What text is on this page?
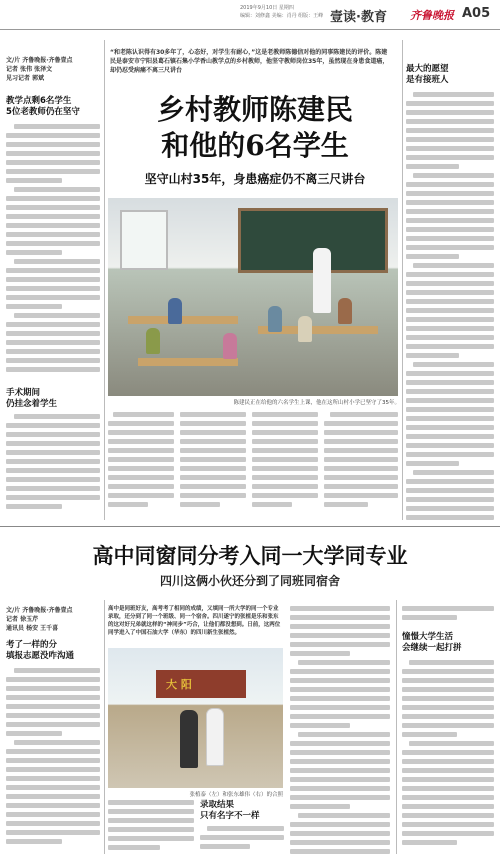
2019年9月10日 星期四
编辑：刘修鑫 美编：肖丹 组版：王峰 壹读·教育 齐鲁晚报 A05
文/片 齐鲁晚报·齐鲁壹点
记者 张伟 张泽文
见习记者 郭斌
教学点剩6名学生
5位老教师仍在坚守
手术期间
仍挂念着学生
“和老陈认识得有30多年了，心态好，对学生有耐心，”这是老教师陈德信对他的同事陈建民的评价。陈建民是泰安市宁阳县葛石镇石集小学香山教学点的乡村教师，他坚守教师岗位35年，虽然现在身患食道癌，却仍忍受病痛不离三尺讲台
乡村教师陈建民
和他的6名学生
坚守山村35年，身患癌症仍不离三尺讲台
陈建民正在给他的六名学生上课，他在这所山村小学已坚守了35年。
最大的愿望
是有接班人
高中同窗同分考入同一大学同专业
四川这俩小伙还分到了同班同宿舍
文/片 齐鲁晚报·齐鲁壹点
记者 徐玉芹
通讯员 杨安 王千喜
考了一样的分
填报志愿没咋沟通
高中是同班好友，高考考了相同的成绩，又填同一所大学的同一个专业录取，还分到了同一个班级、同一个宿舍。四川遂宁的张植是乐和张东的这对好兄弟就这样的“神同步”巧合，让他们都没想到。日前，这两位同学进入了中国石油大学（华东）的四川新生张植然。
大 阳
张植泰（左）和张东雄伟（右）的合照
录取结果
只有名字不一样
憧憬大学生活
会继续一起打拼
